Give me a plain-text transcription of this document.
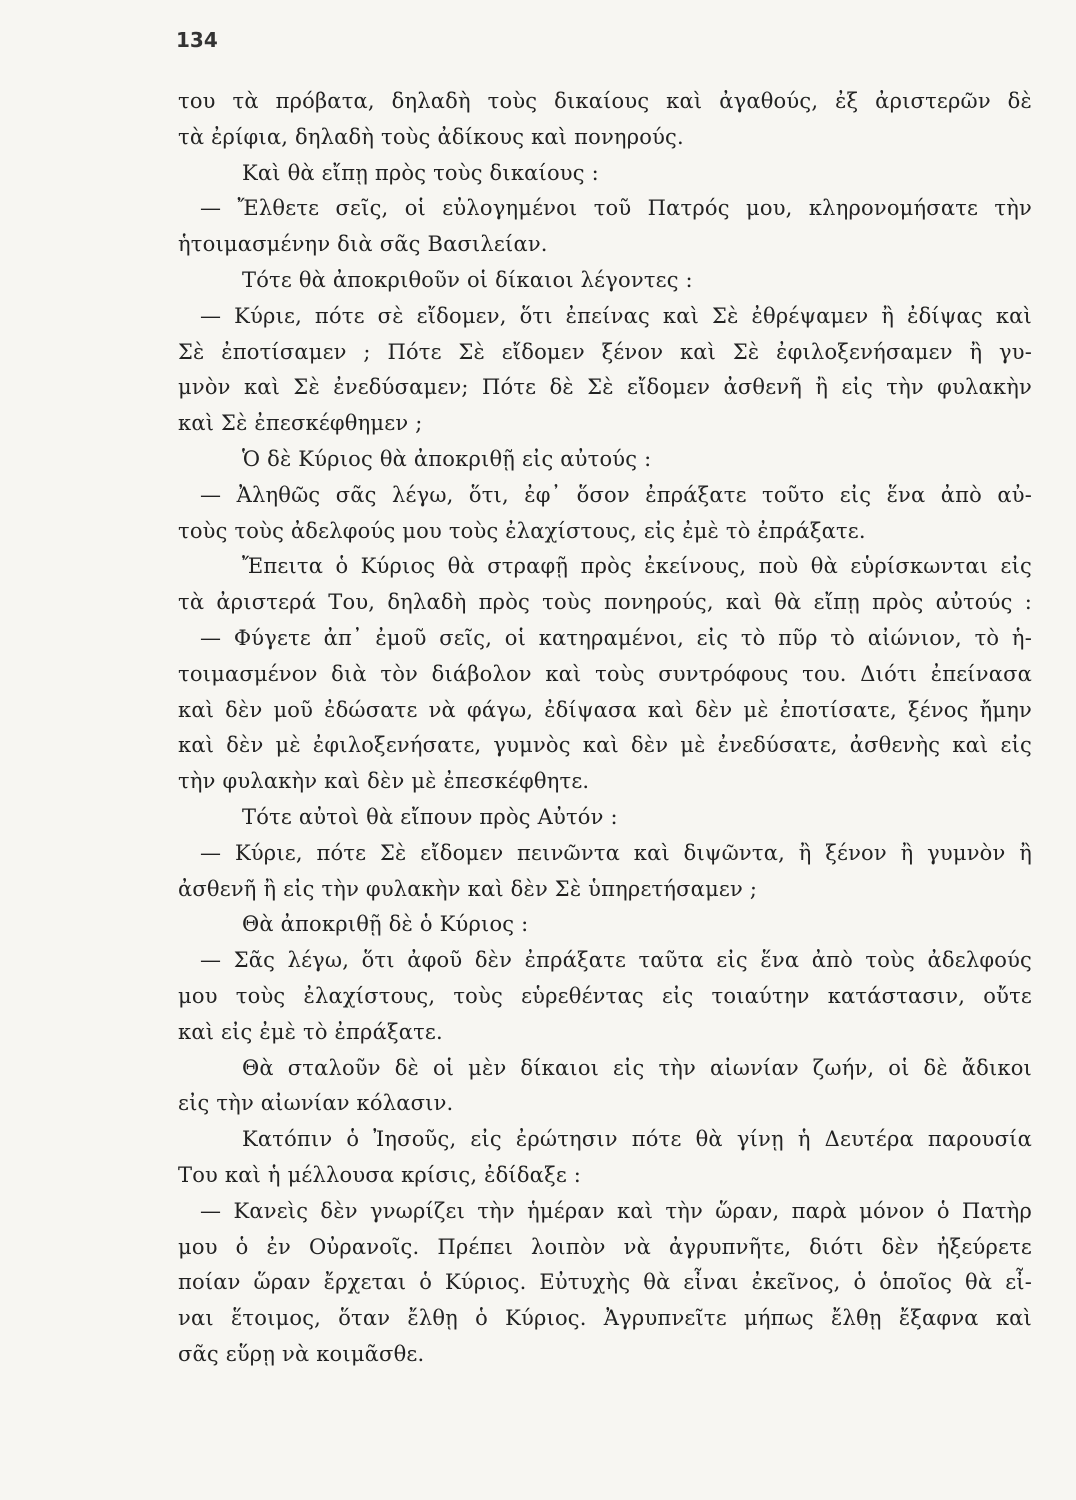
134
του τὰ πρόβατα, δηλαδὴ τοὺς δικαίους καὶ ἀγαθούς, ἐξ ἀριστερῶν δὲ
τὰ ἐρίφια, δηλαδὴ τοὺς ἀδίκους καὶ πονηρούς.
Καὶ θὰ εἴπῃ πρὸς τοὺς δικαίους :
— Ἔλθετε σεῖς, οἱ εὐλογημένοι τοῦ Πατρός μου, κληρονομήσατε τὴν
ἡτοιμασμένην διὰ σᾶς Βασιλείαν.
Τότε θὰ ἀποκριθοῦν οἱ δίκαιοι λέγοντες :
— Κύριε, πότε σὲ εἴδομεν, ὅτι ἐπείνας καὶ Σὲ ἐθρέψαμεν ἢ ἐδίψας καὶ
Σὲ ἐποτίσαμεν ; Πότε Σὲ εἴδομεν ξένον καὶ Σὲ ἐφιλοξενήσαμεν ἢ γυ-
μνὸν καὶ Σὲ ἐνεδύσαμεν; Πότε δὲ Σὲ εἴδομεν ἀσθενῆ ἢ εἰς τὴν φυλακὴν
καὶ Σὲ ἐπεσκέφθημεν ;
Ὁ δὲ Κύριος θὰ ἀποκριθῇ εἰς αὐτούς :
— Ἀληθῶς σᾶς λέγω, ὅτι, ἐφ᾽ ὅσον ἐπράξατε τοῦτο εἰς ἕνα ἀπὸ αὐ-
τοὺς τοὺς ἀδελφούς μου τοὺς ἐλαχίστους, εἰς ἐμὲ τὸ ἐπράξατε.
Ἔπειτα ὁ Κύριος θὰ στραφῇ πρὸς ἐκείνους, ποὺ θὰ εὑρίσκωνται εἰς
τὰ ἀριστερά Του, δηλαδὴ πρὸς τοὺς πονηρούς, καὶ θὰ εἴπῃ πρὸς αὐτούς :
— Φύγετε ἀπ᾽ ἐμοῦ σεῖς, οἱ κατηραμένοι, εἰς τὸ πῦρ τὸ αἰώνιον, τὸ ἡ-
τοιμασμένον διὰ τὸν διάβολον καὶ τοὺς συντρόφους του. Διότι ἐπείνασα
καὶ δὲν μοῦ ἐδώσατε νὰ φάγω, ἐδίψασα καὶ δὲν μὲ ἐποτίσατε, ξένος ἤμην
καὶ δὲν μὲ ἐφιλοξενήσατε, γυμνὸς καὶ δὲν μὲ ἐνεδύσατε, ἀσθενὴς καὶ εἰς
τὴν φυλακὴν καὶ δὲν μὲ ἐπεσκέφθητε.
Τότε αὐτοὶ θὰ εἴπουν πρὸς Αὐτόν :
— Κύριε, πότε Σὲ εἴδομεν πεινῶντα καὶ διψῶντα, ἢ ξένον ἢ γυμνὸν ἢ
ἀσθενῆ ἢ εἰς τὴν φυλακὴν καὶ δὲν Σὲ ὑπηρετήσαμεν ;
Θὰ ἀποκριθῇ δὲ ὁ Κύριος :
— Σᾶς λέγω, ὅτι ἀφοῦ δὲν ἐπράξατε ταῦτα εἰς ἕνα ἀπὸ τοὺς ἀδελφούς
μου τοὺς ἐλαχίστους, τοὺς εὑρεθέντας εἰς τοιαύτην κατάστασιν, οὔτε
καὶ εἰς ἐμὲ τὸ ἐπράξατε.
Θὰ σταλοῦν δὲ οἱ μὲν δίκαιοι εἰς τὴν αἰωνίαν ζωήν, οἱ δὲ ἄδικοι
εἰς τὴν αἰωνίαν κόλασιν.
Κατόπιν ὁ Ἰησοῦς, εἰς ἐρώτησιν πότε θὰ γίνῃ ἡ Δευτέρα παρουσία
Του καὶ ἡ μέλλουσα κρίσις, ἐδίδαξε :
— Κανεὶς δὲν γνωρίζει τὴν ἡμέραν καὶ τὴν ὥραν, παρὰ μόνον ὁ Πατὴρ
μου ὁ ἐν Οὐρανοῖς. Πρέπει λοιπὸν νὰ ἀγρυπνῆτε, διότι δὲν ἠξεύρετε
ποίαν ὥραν ἔρχεται ὁ Κύριος. Εὐτυχὴς θὰ εἶναι ἐκεῖνος, ὁ ὁποῖος θὰ εἶ-
ναι ἕτοιμος, ὅταν ἔλθῃ ὁ Κύριος. Ἀγρυπνεῖτε μήπως ἔλθῃ ἔξαφνα καὶ
σᾶς εὕρῃ νὰ κοιμᾶσθε.
